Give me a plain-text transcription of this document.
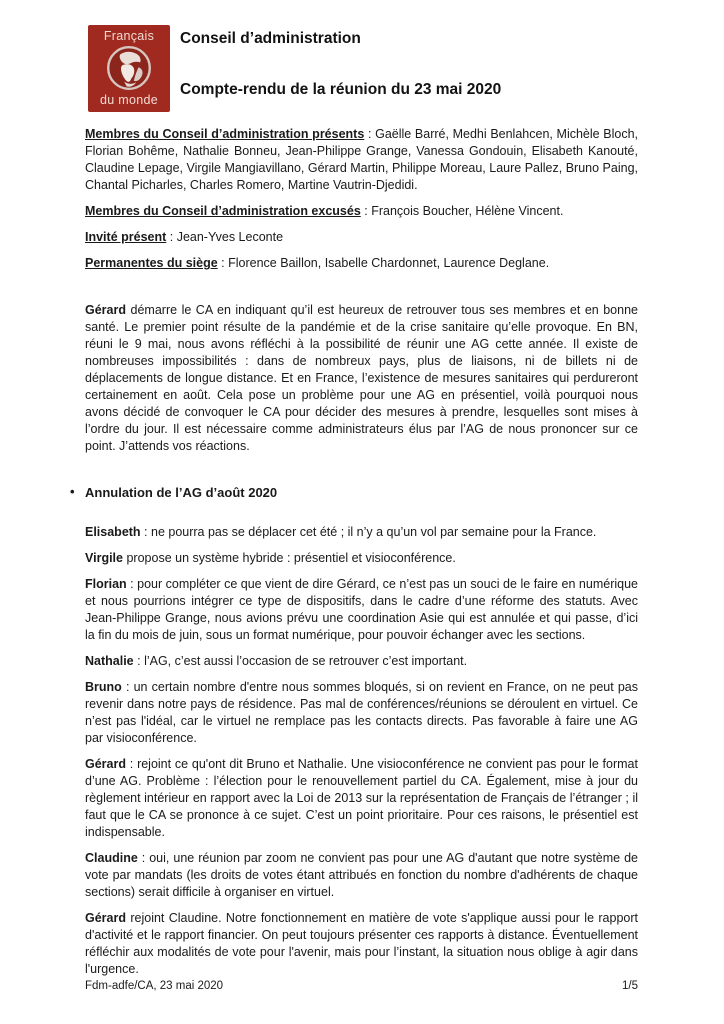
Français
du monde
Conseil d’administration
Compte-rendu de la réunion du 23 mai 2020

Membres du Conseil d’administration présents : Gaëlle Barré, Medhi Benlahcen, Michèle Bloch, Florian Bohême, Nathalie Bonneu, Jean-Philippe Grange, Vanessa Gondouin, Elisabeth Kanouté, Claudine Lepage, Virgile Mangiavillano, Gérard Martin, Philippe Moreau, Laure Pallez, Bruno Paing, Chantal Picharles, Charles Romero, Martine Vautrin-Djedidi.

Membres du Conseil d’administration excusés : François Boucher, Hélène Vincent.

Invité présent : Jean-Yves Leconte

Permanentes du siège : Florence Baillon, Isabelle Chardonnet, Laurence Deglane.

Gérard démarre le CA en indiquant qu’il est heureux de retrouver tous ses membres et en bonne santé. Le premier point résulte de la pandémie et de la crise sanitaire qu’elle provoque. En BN, réuni le 9 mai, nous avons réfléchi à la possibilité de réunir une AG cette année. Il existe de nombreuses impossibilités : dans de nombreux pays, plus de liaisons, ni de billets ni de déplacements de longue distance. Et en France, l’existence de mesures sanitaires qui perdureront certainement en août. Cela pose un problème pour une AG en présentiel, voilà pourquoi nous avons décidé de convoquer le CA pour décider des mesures à prendre, lesquelles sont mises à l’ordre du jour. Il est nécessaire comme administrateurs élus par l’AG de nous prononcer sur ce point. J’attends vos réactions.

• Annulation de l’AG d’août 2020

Elisabeth : ne pourra pas se déplacer cet été ; il n’y a qu’un vol par semaine pour la France.

Virgile propose un système hybride : présentiel et visioconférence.

Florian : pour compléter ce que vient de dire Gérard, ce n’est pas un souci de le faire en numérique et nous pourrions intégrer ce type de dispositifs, dans le cadre d’une réforme des statuts. Avec Jean-Philippe Grange, nous avions prévu une coordination Asie qui est annulée et qui passe, d’ici la fin du mois de juin, sous un format numérique, pour pouvoir échanger avec les sections.

Nathalie : l’AG, c’est aussi l’occasion de se retrouver c’est important.

Bruno : un certain nombre d'entre nous sommes bloqués, si on revient en France, on ne peut pas revenir dans notre pays de résidence. Pas mal de conférences/réunions se déroulent en virtuel. Ce n’est pas l'idéal, car le virtuel ne remplace pas les contacts directs. Pas favorable à faire une AG par visioconférence.

Gérard : rejoint ce qu'ont dit Bruno et Nathalie. Une visioconférence ne convient pas pour le format d’une AG. Problème : l’élection pour le renouvellement partiel du CA. Également, mise à jour du règlement intérieur en rapport avec la Loi de 2013 sur la représentation de Français de l’étranger ; il faut que le CA se prononce à ce sujet. C’est un point prioritaire. Pour ces raisons, le présentiel est indispensable.

Claudine : oui, une réunion par zoom ne convient pas pour une AG d'autant que notre système de vote par mandats (les droits de votes étant attribués en fonction du nombre d'adhérents de chaque sections) serait difficile à organiser en virtuel.

Gérard rejoint Claudine. Notre fonctionnement en matière de vote s'applique aussi pour le rapport d'activité et le rapport financier. On peut toujours présenter ces rapports à distance. Éventuellement réfléchir aux modalités de vote pour l'avenir, mais pour l’instant, la situation nous oblige à agir dans l'urgence.

Fdm-adfe/CA, 23 mai 2020	1/5
